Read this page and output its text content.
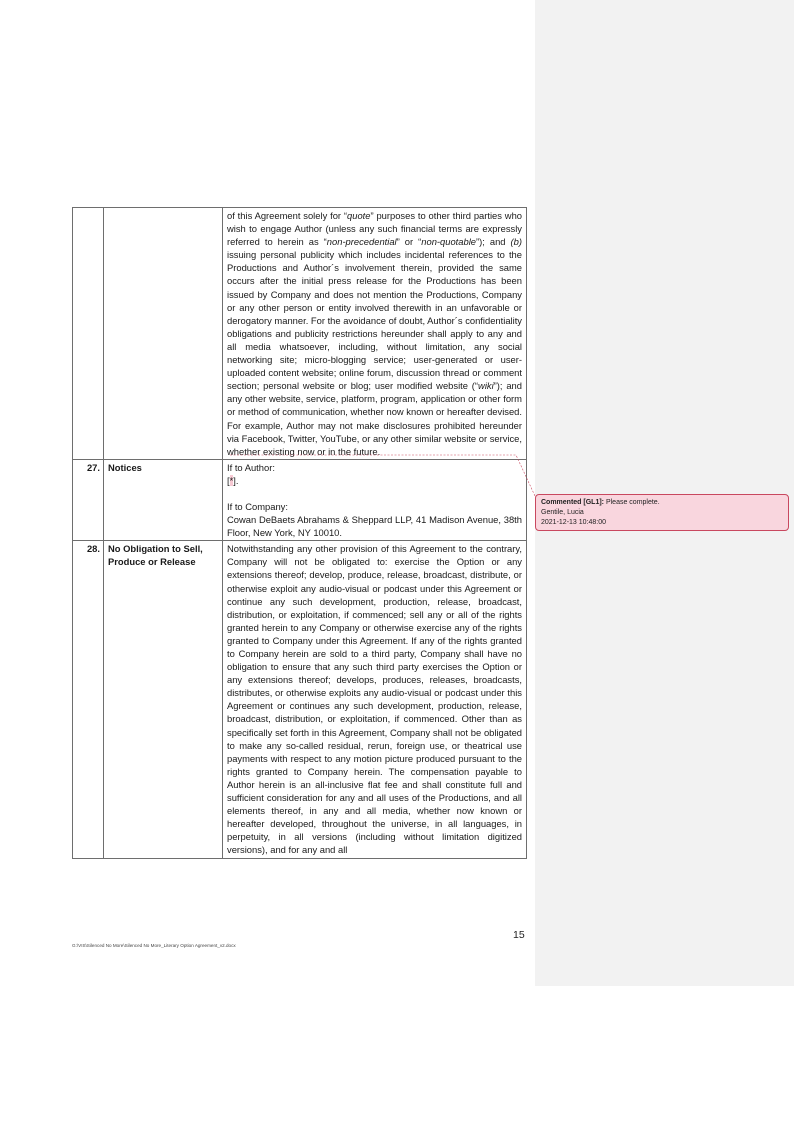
		of this Agreement solely for “quote” purposes to other third parties who wish to engage Author (unless any such financial terms are expressly referred to herein as “non-precedential” or “non-quotable”); and (b) issuing personal publicity which includes incidental references to the Productions and Author´s involvement therein, provided the same occurs after the initial press release for the Productions has been issued by Company and does not mention the Productions, Company or any other person or entity involved therewith in an unfavorable or derogatory manner. For the avoidance of doubt, Author´s confidentiality obligations and publicity restrictions hereunder shall apply to any and all media whatsoever, including, without limitation, any social networking site; micro-blogging service; user-generated or user-uploaded content website; online forum, discussion thread or comment section; personal website or blog; user modified website (“wiki”); and any other website, service, platform, program, application or other form or method of communication, whether now known or hereafter devised. For example, Author may not make disclosures prohibited hereunder via Facebook, Twitter, YouTube, or any other similar website or service, whether existing now or in the future.

27.	Notices	If to Author:

[*].

If to Company:

Cowan DeBaets Abrahams & Sheppard LLP, 41 Madison Avenue, 38th Floor, New York, NY 10010.

28.	No Obligation to Sell, Produce or Release	Notwithstanding any other provision of this Agreement to the contrary, Company will not be obligated to: exercise the Option or any extensions thereof; develop, produce, release, broadcast, distribute, or otherwise exploit any audio-visual or podcast under this Agreement or continue any such development, production, release, broadcast, distribution, or exploitation, if commenced; sell any or all of the rights granted herein to any Company or otherwise exercise any of the rights granted to Company under this Agreement. If any of the rights granted to Company herein are sold to a third party, Company shall have no obligation to ensure that any such third party exercises the Option or any extensions thereof; develops, produces, releases, broadcasts, distributes, or otherwise exploits any audio-visual or podcast under this Agreement or continues any such development, production, release, broadcast, distribution, or exploitation, if commenced. Other than as specifically set forth in this Agreement, Company shall not be obligated to make any so-called residual, rerun, foreign use, or theatrical use payments with respect to any motion picture produced pursuant to the rights granted to Company herein. The compensation payable to Author herein is an all-inclusive flat fee and shall constitute full and sufficient consideration for any and all uses of the Productions, and all elements thereof, in any and all media, whether now known or hereafter developed, throughout the universe, in all languages, in perpetuity, in all versions (including without limitation digitized versions), and for any and all

Commented [GL1]: Please complete.
Gentile, Lucia
2021-12-13 10:48:00
15
G:\VIS\Silenced No More\Silenced No More_Literary Option Agreement_v2.docx
